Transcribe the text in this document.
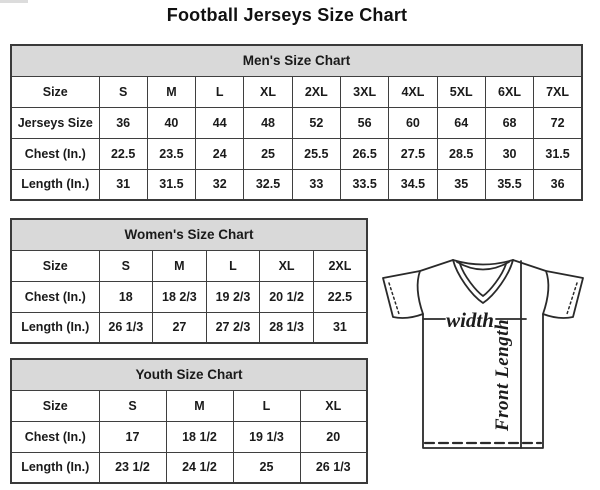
Football Jerseys Size Chart
Men's Size Chart										
Size	S	M	L	XL	2XL	3XL	4XL	5XL	6XL	7XL
Jerseys Size	36	40	44	48	52	56	60	64	68	72
Chest (In.)	22.5	23.5	24	25	25.5	26.5	27.5	28.5	30	31.5
Length (In.)	31	31.5	32	32.5	33	33.5	34.5	35	35.5	36
Women's Size Chart					
Size	S	M	L	XL	2XL
Chest (In.)	18	18 2/3	19 2/3	20 1/2	22.5
Length (In.)	26 1/3	27	27 2/3	28 1/3	31
Youth Size Chart				
Size	S	M	L	XL
Chest (In.)	17	18 1/2	19 1/3	20
Length (In.)	23 1/2	24 1/2	25	26 1/3
width
Front Length
